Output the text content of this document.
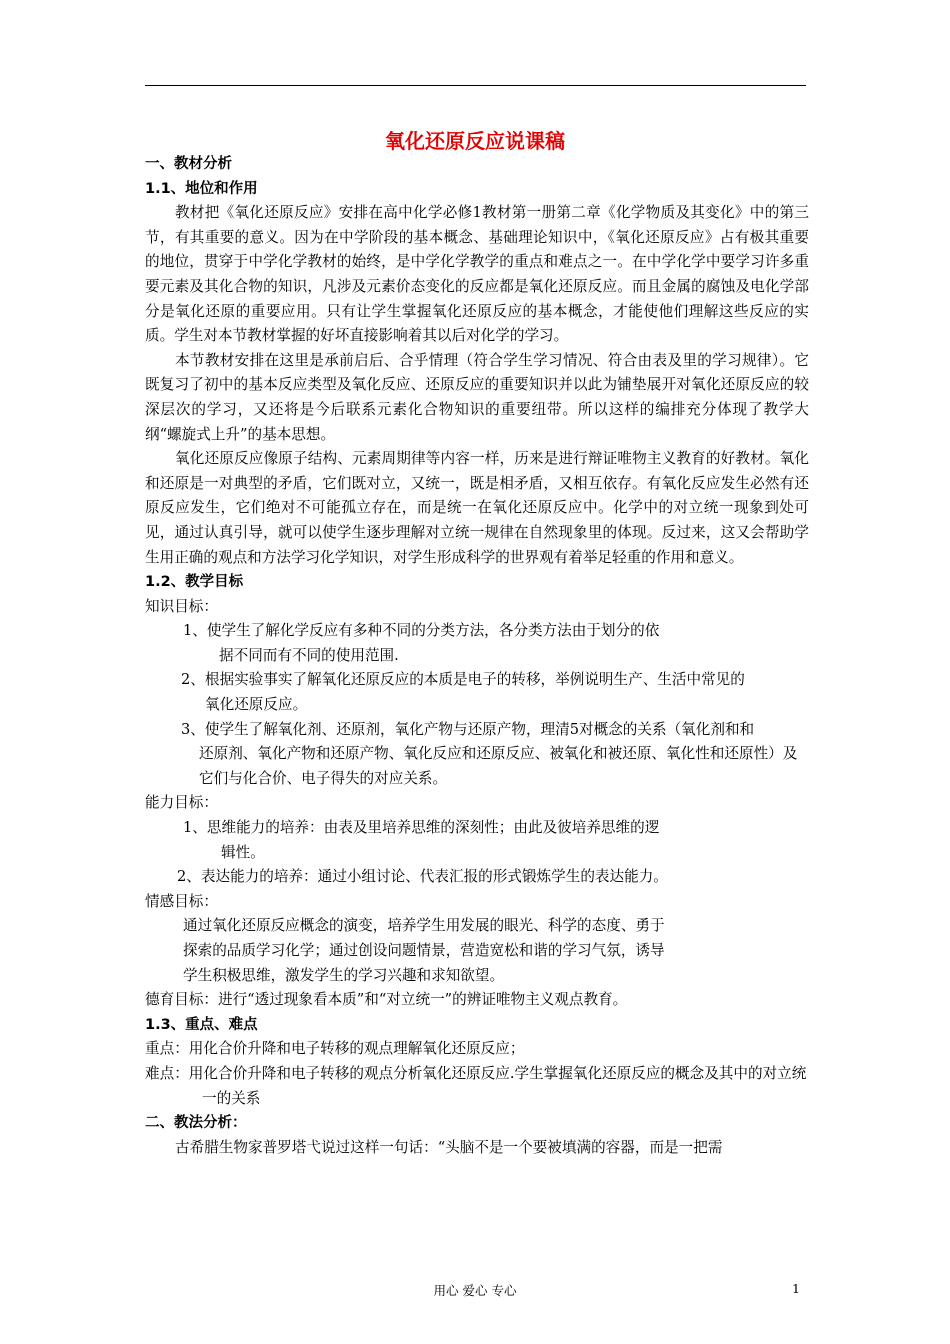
氧化还原反应说课稿
一、教材分析
1.1、地位和作用
教材把《氧化还原反应》安排在高中化学必修1教材第一册第二章《化学物质及其变化》中的第三节，有其重要的意义。因为在中学阶段的基本概念、基础理论知识中，《氧化还原反应》占有极其重要的地位，贯穿于中学化学教材的始终，是中学化学教学的重点和难点之一。在中学化学中要学习许多重要元素及其化合物的知识，凡涉及元素价态变化的反应都是氧化还原反应。而且金属的腐蚀及电化学部分是氧化还原的重要应用。只有让学生掌握氧化还原反应的基本概念，才能使他们理解这些反应的实质。学生对本节教材掌握的好坏直接影响着其以后对化学的学习。
本节教材安排在这里是承前启后、合乎情理（符合学生学习情况、符合由表及里的学习规律）。它既复习了初中的基本反应类型及氧化反应、还原反应的重要知识并以此为铺垫展开对氧化还原反应的较深层次的学习，又还将是今后联系元素化合物知识的重要纽带。所以这样的编排充分体现了教学大纲“螺旋式上升”的基本思想。
氧化还原反应像原子结构、元素周期律等内容一样，历来是进行辩证唯物主义教育的好教材。氧化和还原是一对典型的矛盾，它们既对立，又统一，既是相矛盾，又相互依存。有氧化反应发生必然有还原反应发生，它们绝对不可能孤立存在，而是统一在氧化还原反应中。化学中的对立统一现象到处可见，通过认真引导，就可以使学生逐步理解对立统一规律在自然现象里的体现。反过来，这又会帮助学生用正确的观点和方法学习化学知识，对学生形成科学的世界观有着举足轻重的作用和意义。
1.2、教学目标
知识目标：
1、使学生了解化学反应有多种不同的分类方法，各分类方法由于划分的依
据不同而有不同的使用范围.
2、根据实验事实了解氧化还原反应的本质是电子的转移，举例说明生产、生活中常见的
氧化还原反应。
3、使学生了解氧化剂、还原剂，氧化产物与还原产物，理清5对概念的关系（氧化剂和和
还原剂、氧化产物和还原产物、氧化反应和还原反应、被氧化和被还原、氧化性和还原性）及它们与化合价、电子得失的对应关系。
能力目标：
1、思维能力的培养：由表及里培养思维的深刻性；由此及彼培养思维的逻
辑性。
2、表达能力的培养：通过小组讨论、代表汇报的形式锻炼学生的表达能力。
情感目标：
通过氧化还原反应概念的演变，培养学生用发展的眼光、科学的态度、勇于
探索的品质学习化学；通过创设问题情景，营造宽松和谐的学习气氛，诱导
学生积极思维，激发学生的学习兴趣和求知欲望。
德育目标：进行“透过现象看本质”和“对立统一”的辨证唯物主义观点教育。
1.3、重点、难点
重点：用化合价升降和电子转移的观点理解氧化还原反应；
难点：用化合价升降和电子转移的观点分析氧化还原反应.学生掌握氧化还原反应的概念及其中的对立统一的关系
二、教法分析：
古希腊生物家普罗塔弋说过这样一句话：“头脑不是一个要被填满的容器，而是一把需
用心 爱心 专心	1
